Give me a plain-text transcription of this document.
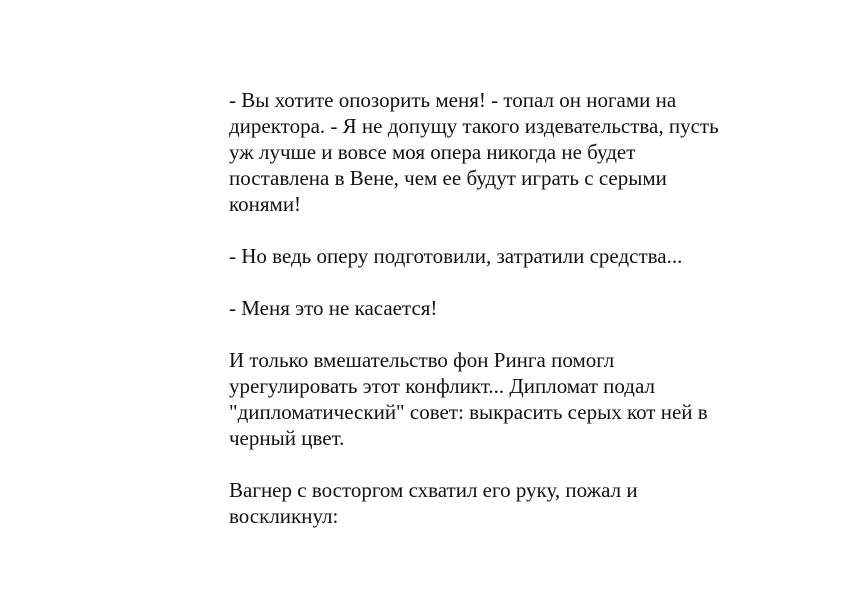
- Вы хотите опозорить меня! - топал он ногами на
директора. - Я не допущу такого издевательства, пусть
уж лучше и вовсе моя опера никогда не будет
поставлена в Вене, чем ее будут играть с серыми
конями!

- Но ведь оперу подготовили, затратили средства...

- Меня это не касается!

И только вмешательство фон Ринга помогл
урегулировать этот конфликт... Дипломат подал
"дипломатический" совет: выкрасить серых кот ней в
черный цвет.

Вагнер с восторгом схватил его руку, пожал и
воскликнул:
